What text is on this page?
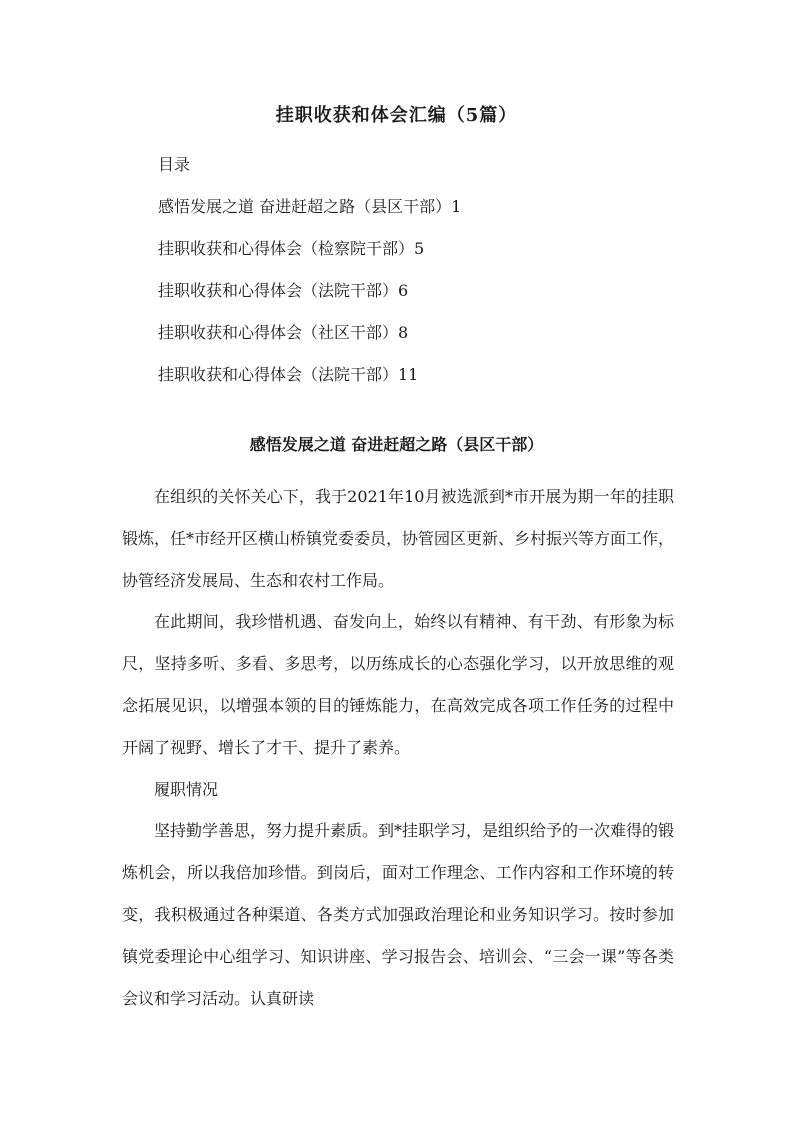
挂职收获和体会汇编（5篇）
目录
感悟发展之道 奋进赶超之路（县区干部）1
挂职收获和心得体会（检察院干部）5
挂职收获和心得体会（法院干部）6
挂职收获和心得体会（社区干部）8
挂职收获和心得体会（法院干部）11
感悟发展之道 奋进赶超之路（县区干部）

在组织的关怀关心下，我于2021年10月被选派到*市开展为期一年的挂职锻炼，任*市经开区横山桥镇党委委员，协管园区更新、乡村振兴等方面工作，协管经济发展局、生态和农村工作局。

在此期间，我珍惜机遇、奋发向上，始终以有精神、有干劲、有形象为标尺，坚持多听、多看、多思考，以历练成长的心态强化学习，以开放思维的观念拓展见识，以增强本领的目的锤炼能力，在高效完成各项工作任务的过程中开阔了视野、增长了才干、提升了素养。

履职情况

坚持勤学善思，努力提升素质。到*挂职学习，是组织给予的一次难得的锻炼机会，所以我倍加珍惜。到岗后，面对工作理念、工作内容和工作环境的转变，我积极通过各种渠道、各类方式加强政治理论和业务知识学习。按时参加镇党委理论中心组学习、知识讲座、学习报告会、培训会、“三会一课”等各类会议和学习活动。认真研读
